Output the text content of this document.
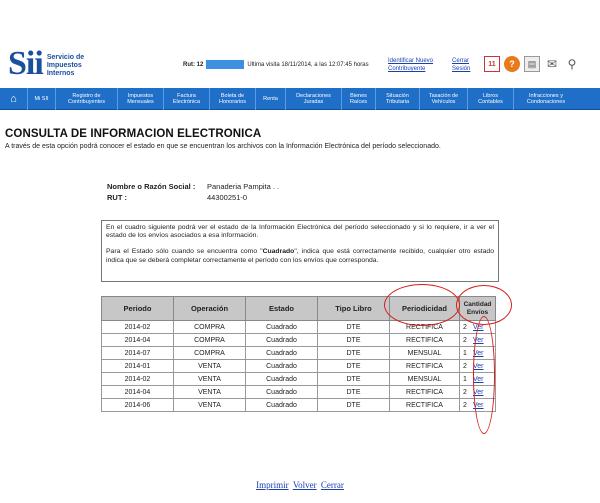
Sii Servicio de
Impuestos
Internos
Rut: 12	Ultima visita 18/11/2014, a las 12:07:45 horas
Identificar Nuevo
Contribuyente
Cerrar
Sesión
11	?	▤ ✉ ⚲
⌂	Mi SII	Registro de Contribuyentes
Impuestos Mensuales
Factura Electrónica
Boleta de Honorarios	Renta	Declaraciones Juradas
Bienes Raíces
Situación Tributaria
Tasación de Vehículos
Libros Contables
Infracciones y Condonaciones
CONSULTA DE INFORMACION ELECTRONICA
A través de esta opción podrá conocer el estado en que se encuentran los archivos con la Información Electrónica del período seleccionado.
Nombre o Razón Social :	Panaderia Pampita . .
RUT :	44300251-0

En el cuadro siguiente podrá ver el estado de la Información Electrónica del período seleccionado y si lo requiere, ir a ver el estado de los envíos asociados a esa información.

Para el Estado sólo cuando se encuentra como "Cuadrado", indica que está correctamente recibido, cualquier otro estado indica que se deberá completar correctamente el período con los envíos que corresponda.

Periodo	Operación	Estado	Tipo Libro	Periodicidad	Cantidad Envíos
2014-02	COMPRA	Cuadrado	DTE	RECTIFICA	2 Ver
2014-04	COMPRA	Cuadrado	DTE	RECTIFICA	2 Ver
2014-07	COMPRA	Cuadrado	DTE	MENSUAL	1 Ver
2014-01	VENTA	Cuadrado	DTE	RECTIFICA	2 Ver
2014-02	VENTA	Cuadrado	DTE	MENSUAL	1 Ver
2014-04	VENTA	Cuadrado	DTE	RECTIFICA	2 Ver
2014-06	VENTA	Cuadrado	DTE	RECTIFICA	2 Ver
Imprimir Volver Cerrar
